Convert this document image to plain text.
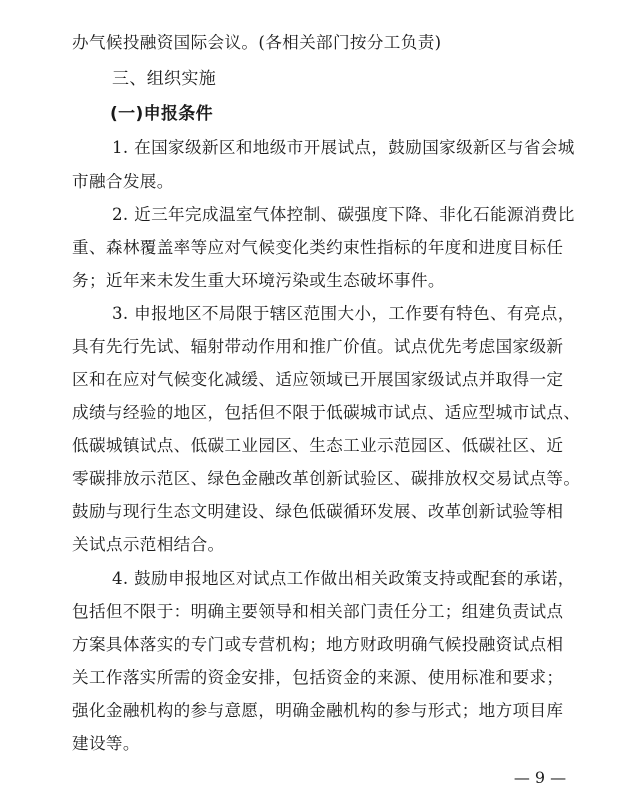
办气候投融资国际会议。(各相关部门按分工负责)
三、组织实施
(一)申报条件
1. 在国家级新区和地级市开展试点，鼓励国家级新区与省会城
市融合发展。
2. 近三年完成温室气体控制、碳强度下降、非化石能源消费比
重、森林覆盖率等应对气候变化类约束性指标的年度和进度目标任
务；近年来未发生重大环境污染或生态破坏事件。
3. 申报地区不局限于辖区范围大小，工作要有特色、有亮点，
具有先行先试、辐射带动作用和推广价值。试点优先考虑国家级新
区和在应对气候变化减缓、适应领域已开展国家级试点并取得一定
成绩与经验的地区，包括但不限于低碳城市试点、适应型城市试点、
低碳城镇试点、低碳工业园区、生态工业示范园区、低碳社区、近
零碳排放示范区、绿色金融改革创新试验区、碳排放权交易试点等。
鼓励与现行生态文明建设、绿色低碳循环发展、改革创新试验等相
关试点示范相结合。
4. 鼓励申报地区对试点工作做出相关政策支持或配套的承诺，
包括但不限于：明确主要领导和相关部门责任分工；组建负责试点
方案具体落实的专门或专营机构；地方财政明确气候投融资试点相
关工作落实所需的资金安排，包括资金的来源、使用标准和要求；
强化金融机构的参与意愿，明确金融机构的参与形式；地方项目库
建设等。
— 9 —
